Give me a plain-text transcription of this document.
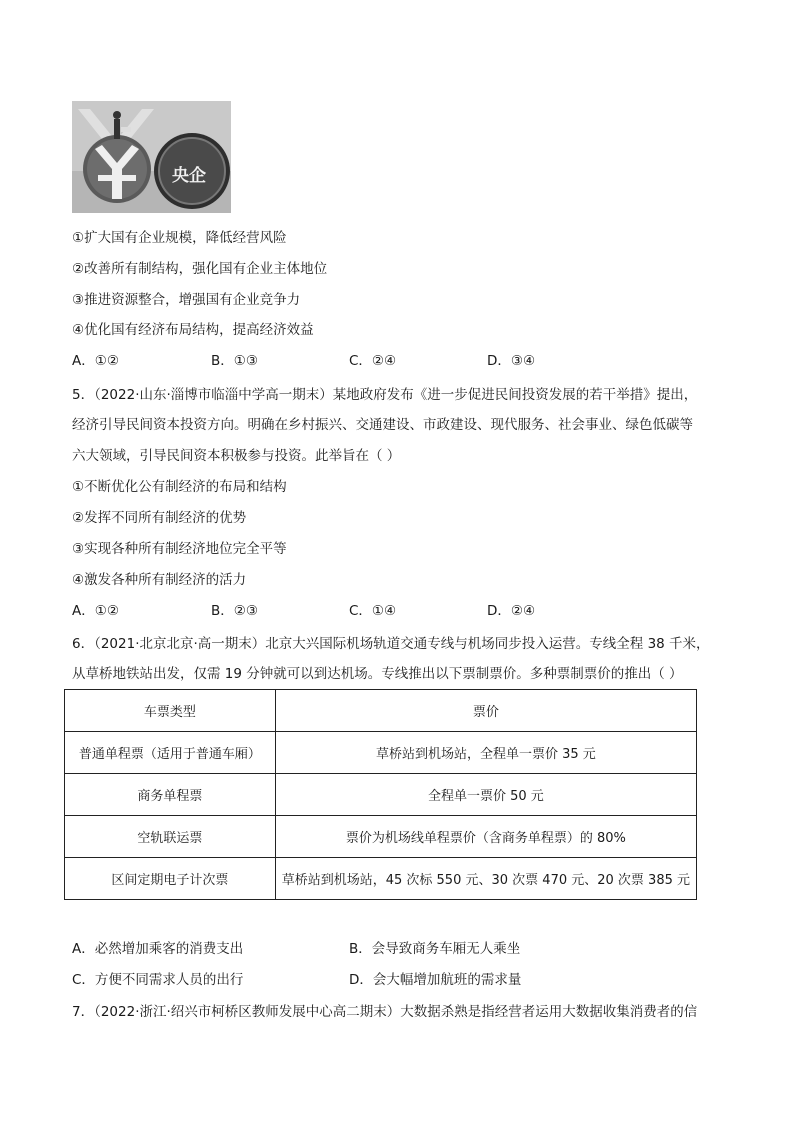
央企
①扩大国有企业规模，降低经营风险
②改善所有制结构，强化国有企业主体地位
③推进资源整合，增强国有企业竞争力
④优化国有经济布局结构，提高经济效益
A．①②	B．①③	C．②④	D．③④
5．（2022·山东·淄博市临淄中学高一期末）某地政府发布《进一步促进民间投资发展的若干举措》提出，
经济引导民间资本投资方向。明确在乡村振兴、交通建设、市政建设、现代服务、社会事业、绿色低碳等
六大领域，引导民间资本积极参与投资。此举旨在（ ）
①不断优化公有制经济的布局和结构
②发挥不同所有制经济的优势
③实现各种所有制经济地位完全平等
④激发各种所有制经济的活力
A．①②	B．②③	C．①④	D．②④
6．（2021·北京北京·高一期末）北京大兴国际机场轨道交通专线与机场同步投入运营。专线全程 38 千米，
从草桥地铁站出发，仅需 19 分钟就可以到达机场。专线推出以下票制票价。多种票制票价的推出（ ）
车票类型	票价
普通单程票（适用于普通车厢）	草桥站到机场站，全程单一票价 35 元
商务单程票	全程单一票价 50 元
空轨联运票	票价为机场线单程票价（含商务单程票）的 80%
区间定期电子计次票	草桥站到机场站，45 次标 550 元、30 次票 470 元、20 次票 385 元
A．必然增加乘客的消费支出	B．会导致商务车厢无人乘坐
C．方便不同需求人员的出行	D．会大幅增加航班的需求量
7．（2022·浙江·绍兴市柯桥区教师发展中心高二期末）大数据杀熟是指经营者运用大数据收集消费者的信
